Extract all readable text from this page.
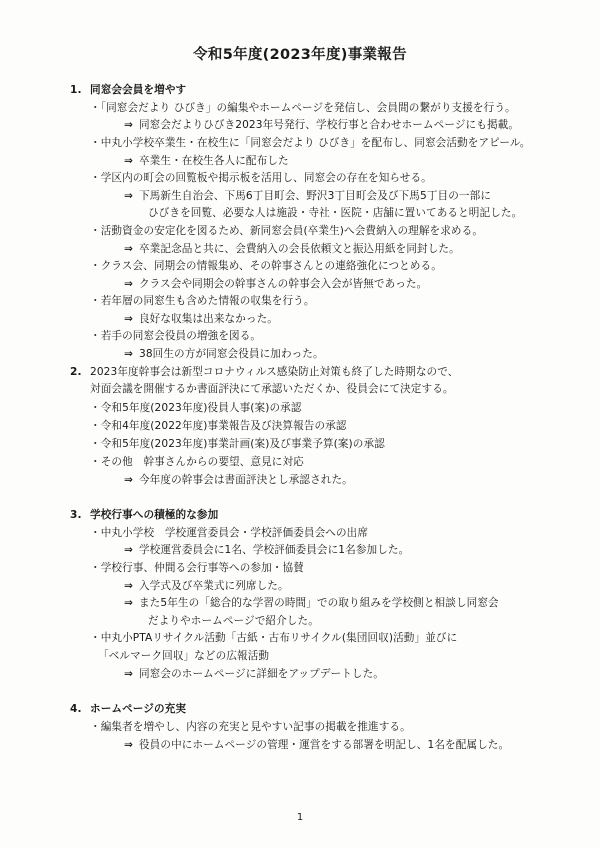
令和5年度(2023年度)事業報告
1. 同窓会会員を増やす
・「同窓会だより ひびき」の編集やホームページを発信し、会員間の繋がり支援を行う。
⇒ 同窓会だよりひびき2023年号発行、学校行事と合わせホームページにも掲載。
・中丸小学校卒業生・在校生に「同窓会だより ひびき」を配布し、同窓会活動をアピール。
⇒ 卒業生・在校生各人に配布した
・学区内の町会の回覧板や掲示板を活用し、同窓会の存在を知らせる。
⇒ 下馬新生自治会、下馬6丁目町会、野沢3丁目町会及び下馬5丁目の一部に
ひびきを回覧、必要な人は施設・寺社・医院・店舗に置いてあると明記した。
・活動資金の安定化を図るため、新同窓会員(卒業生)へ会費納入の理解を求める。
⇒ 卒業記念品と共に、会費納入の会長依頼文と振込用紙を同封した。
・クラス会、同期会の情報集め、その幹事さんとの連絡強化につとめる。
⇒ クラス会や同期会の幹事さんの幹事会入会が皆無であった。
・若年層の同窓生も含めた情報の収集を行う。
⇒ 良好な収集は出来なかった。
・若手の同窓会役員の増強を図る。
⇒ 38回生の方が同窓会役員に加わった。
2. 2023年度幹事会は新型コロナウィルス感染防止対策も終了した時期なので、
対面会議を開催するか書面評決にて承認いただくか、役員会にて決定する。
・令和5年度(2023年度)役員人事(案)の承認
・令和4年度(2022年度)事業報告及び決算報告の承認
・令和5年度(2023年度)事業計画(案)及び事業予算(案)の承認
・その他　幹事さんからの要望、意見に対応
⇒ 今年度の幹事会は書面評決とし承認された。
3. 学校行事への積極的な参加
・中丸小学校　学校運営委員会・学校評価委員会への出席
⇒ 学校運営委員会に1名、学校評価委員会に1名参加した。
・学校行事、仲間る会行事等への参加・協賛
⇒ 入学式及び卒業式に列席した。
⇒ また5年生の「総合的な学習の時間」での取り組みを学校側と相談し同窓会
だよりやホームページで紹介した。
・中丸小PTAリサイクル活動「古紙・古布リサイクル(集団回収)活動」並びに
「ベルマーク回収」などの広報活動
⇒ 同窓会のホームページに詳細をアップデートした。
4. ホームページの充実
・編集者を増やし、内容の充実と見やすい記事の掲載を推進する。
⇒ 役員の中にホームページの管理・運営をする部署を明記し、1名を配属した。
1
